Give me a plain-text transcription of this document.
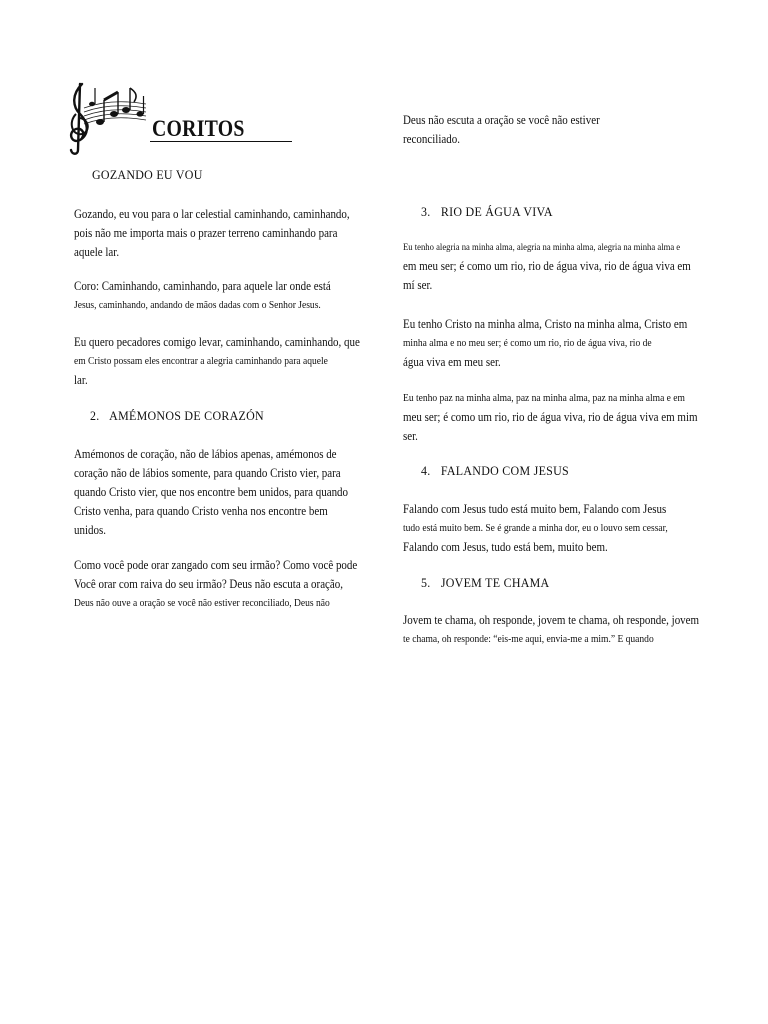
CORITOS
GOZANDO EU VOU

Gozando, eu vou para o lar celestial caminhando, caminhando,
pois não me importa mais o prazer terreno caminhando para
aquele lar.

Coro: Caminhando, caminhando, para aquele lar onde está
Jesus, caminhando, andando de mãos dadas com o Senhor Jesus.

Eu quero pecadores comigo levar, caminhando, caminhando, que
em Cristo possam eles encontrar a alegria caminhando para aquele
lar.

2. AMÉMONOS DE CORAZÓN

Amémonos de coração, não de lábios apenas, amémonos de
coração não de lábios somente, para quando Cristo vier, para
quando Cristo vier, que nos encontre bem unidos, para quando
Cristo venha, para quando Cristo venha nos encontre bem
unidos.

Como você pode orar zangado com seu irmão? Como você pode
Você orar com raiva do seu irmão? Deus não escuta a oração,
Deus não ouve a oração se você não estiver reconciliado, Deus não

Deus não escuta a oração se você não estiver
reconciliado.

3. RIO DE ÁGUA VIVA

Eu tenho alegria na minha alma, alegria na minha alma, alegria na minha alma e
em meu ser; é como um rio, rio de água viva, rio de água viva em
mí ser.

Eu tenho Cristo na minha alma, Cristo na minha alma, Cristo em
minha alma e no meu ser; é como um rio, rio de água viva, rio de
água viva em meu ser.

Eu tenho paz na minha alma, paz na minha alma, paz na minha alma e em
meu ser; é como um rio, rio de água viva, rio de água viva em mim
ser.

4. FALANDO COM JESUS

Falando com Jesus tudo está muito bem, Falando com Jesus
tudo está muito bem. Se é grande a minha dor, eu o louvo sem cessar,
Falando com Jesus, tudo está bem, muito bem.

5. JOVEM TE CHAMA

Jovem te chama, oh responde, jovem te chama, oh responde, jovem
te chama, oh responde: “eis-me aqui, envia-me a mim.” E quando
